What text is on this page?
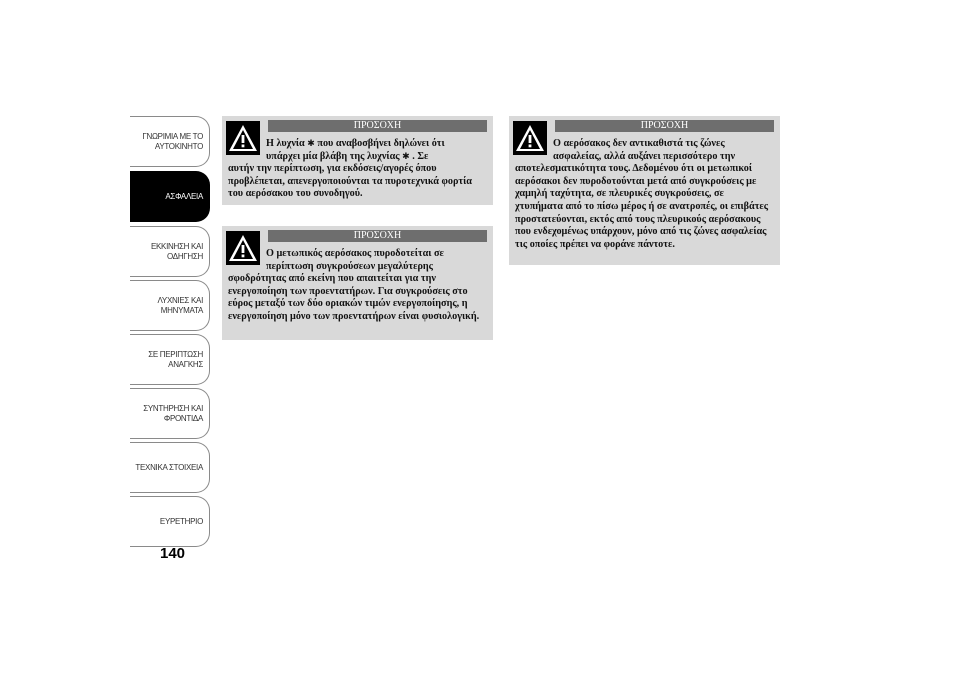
ΓΝΩΡΙΜΙΑ ΜΕ ΤΟ
ΑΥΤΟΚΙΝΗΤΟ
ΑΣΦΑΛΕΙΑ
ΕΚΚΙΝΗΣΗ ΚΑΙ
ΟΔΗΓΗΣΗ
ΛΥΧΝΙΕΣ ΚΑΙ
ΜΗΝΥΜΑΤΑ
ΣΕ ΠΕΡΙΠΤΩΣΗ
ΑΝΑΓΚΗΣ
ΣΥΝΤΗΡΗΣΗ ΚΑΙ
ΦΡΟΝΤΙΔΑ
ΤΕΧΝΙΚΑ ΣΤΟΙΧΕΙΑ
ΕΥΡΕΤΗΡΙΟ
140
ΠΡΟΣΟΧΗ

Η λυχνία ✱ που αναβοσβήνει δηλώνει ότι
υπάρχει μία βλάβη της λυχνίας ✱ . Σε
αυτήν την περίπτωση, για εκδόσεις/αγορές όπου προβλέπεται, απενεργοποιούνται τα πυροτεχνικά φορτία του αερόσακου του συνοδηγού.

ΠΡΟΣΟΧΗ

Ο μετωπικός αερόσακος πυροδοτείται σε
περίπτωση συγκρούσεων μεγαλύτερης
σφοδρότητας από εκείνη που απαιτείται για την ενεργοποίηση των προεντατήρων. Για συγκρούσεις στο εύρος μεταξύ των δύο οριακών τιμών ενεργοποίησης, η ενεργοποίηση μόνο των προεντατήρων είναι φυσιολογική.

ΠΡΟΣΟΧΗ

Ο αερόσακος δεν αντικαθιστά τις ζώνες
ασφαλείας, αλλά αυξάνει περισσότερο την
αποτελεσματικότητα τους. Δεδομένου ότι οι μετωπικοί αερόσακοι δεν πυροδοτούνται μετά από συγκρούσεις με χαμηλή ταχύτητα, σε πλευρικές συγκρούσεις, σε χτυπήματα από το πίσω μέρος ή σε ανατροπές, οι επιβάτες προστατεύονται, εκτός από τους πλευρικούς αερόσακους που ενδεχομένως υπάρχουν, μόνο από τις ζώνες ασφαλείας τις οποίες πρέπει να φοράνε πάντοτε.
